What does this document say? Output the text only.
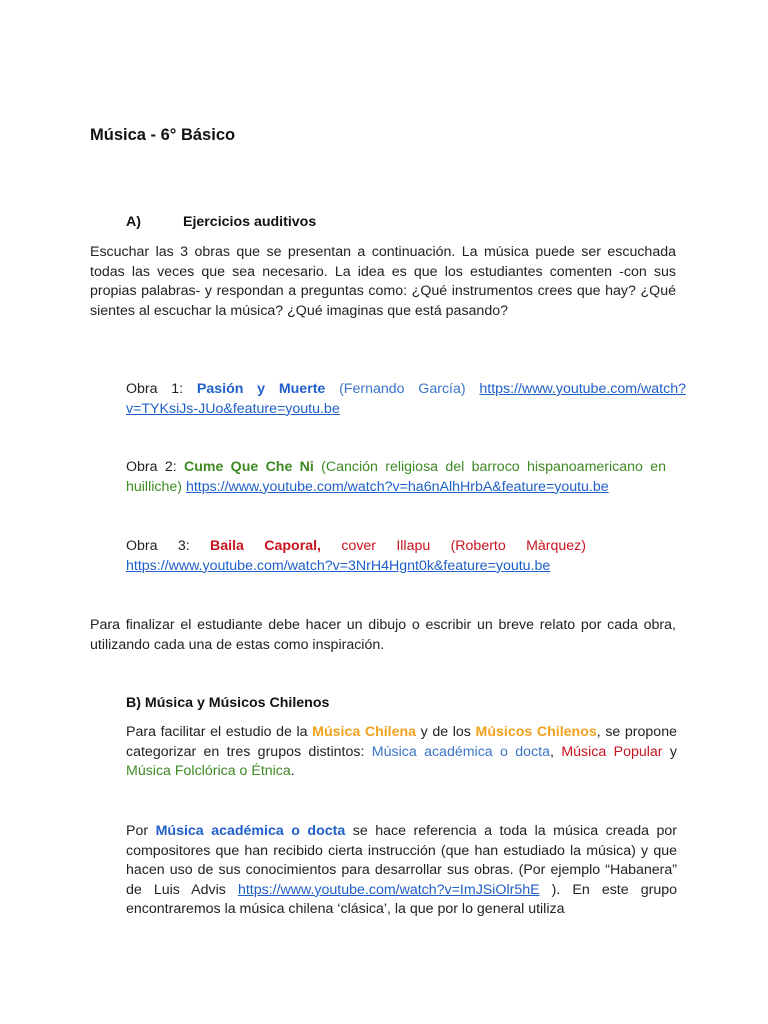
Música - 6° Básico
A)	Ejercicios auditivos

Escuchar las 3 obras que se presentan a continuación. La música puede ser escuchada todas las veces que sea necesario. La idea es que los estudiantes comenten -con sus propias palabras- y respondan a preguntas como: ¿Qué instrumentos crees que hay? ¿Qué sientes al escuchar la música? ¿Qué imaginas que está pasando?

Obra 1: Pasión y Muerte (Fernando García) https://www.youtube.com/watch?v=TYKsiJs-JUo&feature=youtu.be

Obra 2: Cume Que Che Ni (Canción religiosa del barroco hispanoamericano en huilliche) https://www.youtube.com/watch?v=ha6nAlhHrbA&feature=youtu.be

Obra 3: Baila Caporal, cover Illapu (Roberto Màrquez) https://www.youtube.com/watch?v=3NrH4Hgnt0k&feature=youtu.be

Para finalizar el estudiante debe hacer un dibujo o escribir un breve relato por cada obra, utilizando cada una de estas como inspiración.

B) Música y Músicos Chilenos

Para facilitar el estudio de la Música Chilena y de los Músicos Chilenos, se propone categorizar en tres grupos distintos: Música académica o docta, Música Popular y Música Folclórica o Étnica.

Por Música académica o docta se hace referencia a toda la música creada por compositores que han recibido cierta instrucción (que han estudiado la música) y que hacen uso de sus conocimientos para desarrollar sus obras. (Por ejemplo “Habanera” de Luis Advis https://www.youtube.com/watch?v=ImJSiOlr5hE ). En este grupo encontraremos la música chilena ‘clásica’, la que por lo general utiliza
